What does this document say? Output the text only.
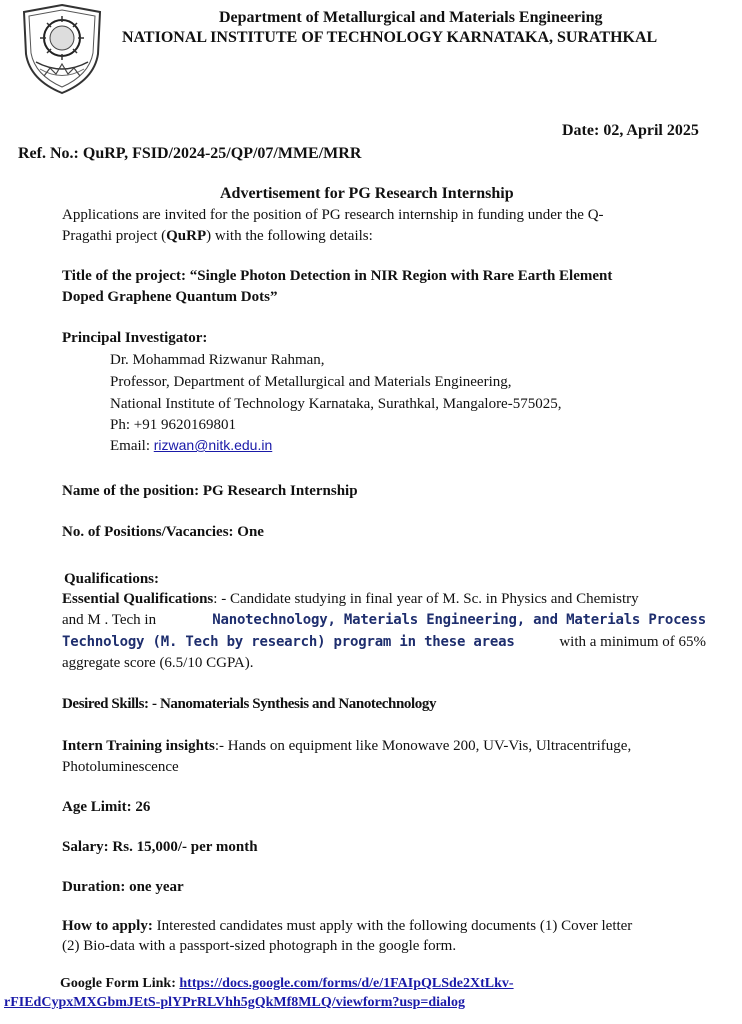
Department of Metallurgical and Materials Engineering
NATIONAL INSTITUTE OF TECHNOLOGY KARNATAKA, SURATHKAL
Date: 02, April 2025
Ref. No.: QuRP, FSID/2024-25/QP/07/MME/MRR
Advertisement for PG Research Internship
Applications are invited for the position of PG research internship in funding under the Q-
Pragathi project (QuRP) with the following details:
Title of the project: “Single Photon Detection in NIR Region with Rare Earth Element
Doped Graphene Quantum Dots”
Principal Investigator:
Dr. Mohammad Rizwanur Rahman,
Professor, Department of Metallurgical and Materials Engineering,
National Institute of Technology Karnataka, Surathkal, Mangalore-575025,
Ph: +91 9620169801
Email: rizwan@nitk.edu.in
Name of the position: PG Research Internship
No. of Positions/Vacancies: One
Qualifications:
Essential Qualifications: - Candidate studying in final year of M. Sc. in Physics and Chemistry
and M . Tech in	Nanotechnology, Materials Engineering, and Materials Process
Technology (M. Tech by research) program in these areas	with a minimum of 65%
aggregate score (6.5/10 CGPA).
Desired Skills: - Nanomaterials Synthesis and Nanotechnology
Intern Training insights:- Hands on equipment like Monowave 200, UV-Vis, Ultracentrifuge,
Photoluminescence
Age Limit: 26
Salary: Rs. 15,000/- per month
Duration: one year
How to apply: Interested candidates must apply with the following documents (1) Cover letter
(2) Bio-data with a passport-sized photograph in the google form.
Google Form Link: https://docs.google.com/forms/d/e/1FAIpQLSde2XtLkv-
rFIEdCypxMXGbmJEtS-plYPrRLVhh5gQkMf8MLQ/viewform?usp=dialog
